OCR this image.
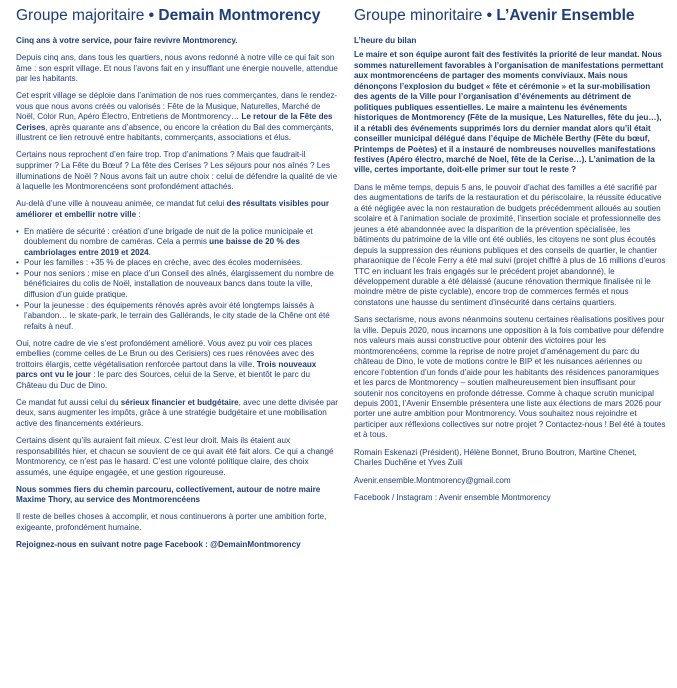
Groupe majoritaire • Demain Montmorency

Cinq ans à votre service, pour faire revivre Montmorency.

Depuis cinq ans, dans tous les quartiers, nous avons redonné à notre ville ce qui fait son âme : son esprit village. Et nous l’avons fait en y insufflant une énergie nouvelle, attendue par les habitants.

Cet esprit village se déploie dans l’animation de nos rues commerçantes, dans le rendez-vous que nous avons créés ou valorisés : Fête de la Musique, Naturelles, Marché de Noël, Color Run, Apéro Électro, Entretiens de Montmorency… Le retour de la Fête des Cerises, après quarante ans d’absence, ou encore la création du Bal des commerçants, illustrent ce lien retrouvé entre habitants, commerçants, associations et élus.

Certains nous reprochent d’en faire trop. Trop d’animations ? Mais que faudrait-il supprimer ? La Fête du Bœuf ? La fête des Cerises ? Les séjours pour nos aînés ? Les illuminations de Noël ? Nous avons fait un autre choix : celui de défendre la qualité de vie à laquelle les Montmorencéens sont profondément attachés.

Au-delà d’une ville à nouveau animée, ce mandat fut celui des résultats visibles pour améliorer et embellir notre ville :

• En matière de sécurité : création d’une brigade de nuit de la police municipale et doublement du nombre de caméras. Cela a permis une baisse de 20 % des cambriolages entre 2019 et 2024.
• Pour les familles : +35 % de places en crèche, avec des écoles modernisées.
• Pour nos seniors : mise en place d’un Conseil des aînés, élargissement du nombre de bénéficiaires du colis de Noël, installation de nouveaux bancs dans toute la ville, diffusion d’un guide pratique.
• Pour la jeunesse : des équipements rénovés après avoir été longtemps laissés à l’abandon… le skate-park, le terrain des Gallérands, le city stade de la Chêne ont été refaits à neuf.

Oui, notre cadre de vie s’est profondément amélioré. Vous avez pu voir ces places embellies (comme celles de Le Brun ou des Cerisiers) ces rues rénovées avec des trottoirs élargis, cette végétalisation renforcée partout dans la ville. Trois nouveaux parcs ont vu le jour : le parc des Sources, celui de la Serve, et bientôt le parc du Château du Duc de Dino.

Ce mandat fut aussi celui du sérieux financier et budgétaire, avec une dette divisée par deux, sans augmenter les impôts, grâce à une stratégie budgétaire et une mobilisation active des financements extérieurs.

Certains disent qu’ils auraient fait mieux. C’est leur droit. Mais ils étaient aux responsabilités hier, et chacun se souvient de ce qui avait été fait alors. Ce qui a changé Montmorency, ce n’est pas le hasard. C’est une volonté politique claire, des choix assumés, une équipe engagée, et une gestion rigoureuse.

Nous sommes fiers du chemin parcouru, collectivement, autour de notre maire Maxime Thory, au service des Montmorencéens

Il reste de belles choses à accomplir, et nous continuerons à porter une ambition forte, exigeante, profondément humaine.

Rejoignez-nous en suivant notre page Facebook : @DemainMontmorency

Groupe minoritaire • L’Avenir Ensemble

L’heure du bilan

Le maire et son équipe auront fait des festivités la priorité de leur mandat. Nous sommes naturellement favorables à l’organisation de manifestations permettant aux montmorencéens de partager des moments conviviaux. Mais nous dénonçons l’explosion du budget « fête et cérémonie » et la sur-mobilisation des agents de la Ville pour l’organisation d’événements au détriment de politiques publiques essentielles. Le maire a maintenu les événements historiques de Montmorency (Fête de la musique, Les Naturelles, fête du jeu…), il a rétabli des événements supprimés lors du dernier mandat alors qu’il était conseiller municipal délégué dans l’équipe de Michèle Berthy (Fête du bœuf, Printemps de Poètes) et il a instauré de nombreuses nouvelles manifestations festives (Apéro électro, marché de Noel, fête de la Cerise…). L’animation de la ville, certes importante, doit-elle primer sur tout le reste ?

Dans le même temps, depuis 5 ans, le pouvoir d’achat des familles a été sacrifié par des augmentations de tarifs de la restauration et du périscolaire, la réussite éducative a été négligée avec la non restauration de budgets précédemment alloués au soutien scolaire et à l’animation sociale de proximité, l’insertion sociale et professionnelle des jeunes a été abandonnée avec la disparition de la prévention spécialisée, les bâtiments du patrimoine de la ville ont été oubliés, les citoyens ne sont plus écoutés depuis la suppression des réunions publiques et des conseils de quartier, le chantier pharaonique de l’école Ferry a été mal suivi (projet chiffré à plus de 16 millions d’euros TTC en incluant les frais engagés sur le précédent projet abandonné), le développement durable a été délaissé (aucune rénovation thermique finalisée ni le moindre mètre de piste cyclable), encore trop de commerces fermés et nous constatons une hausse du sentiment d’insécurité dans certains quartiers.

Sans sectarisme, nous avons néanmoins soutenu certaines réalisations positives pour la ville. Depuis 2020, nous incarnons une opposition à la fois combative pour défendre nos valeurs mais aussi constructive pour obtenir des victoires pour les montmorencéens, comme la reprise de notre projet d’aménagement du parc du château de Dino, le vote de motions contre le BIP et les nuisances aériennes ou encore l’obtention d’un fonds d’aide pour les habitants des résidences panoramiques et les parcs de Montmorency – soutien malheureusement bien insuffisant pour soutenir nos concitoyens en profonde détresse. Comme à chaque scrutin municipal depuis 2001, l’Avenir Ensemble présentera une liste aux élections de mars 2026 pour porter une autre ambition pour Montmorency. Vous souhaitez nous rejoindre et participer aux réflexions collectives sur notre projet ? Contactez-nous ! Bel été à toutes et à tous.

Romain Eskenazi (Président), Hélène Bonnet, Bruno Boutron, Martine Chenet, Charles Duchêne et Yves Zuili

Avenir.ensemble.Montmorency@gmail.com

Facebook / Instagram : Avenir ensemble Montmorency
